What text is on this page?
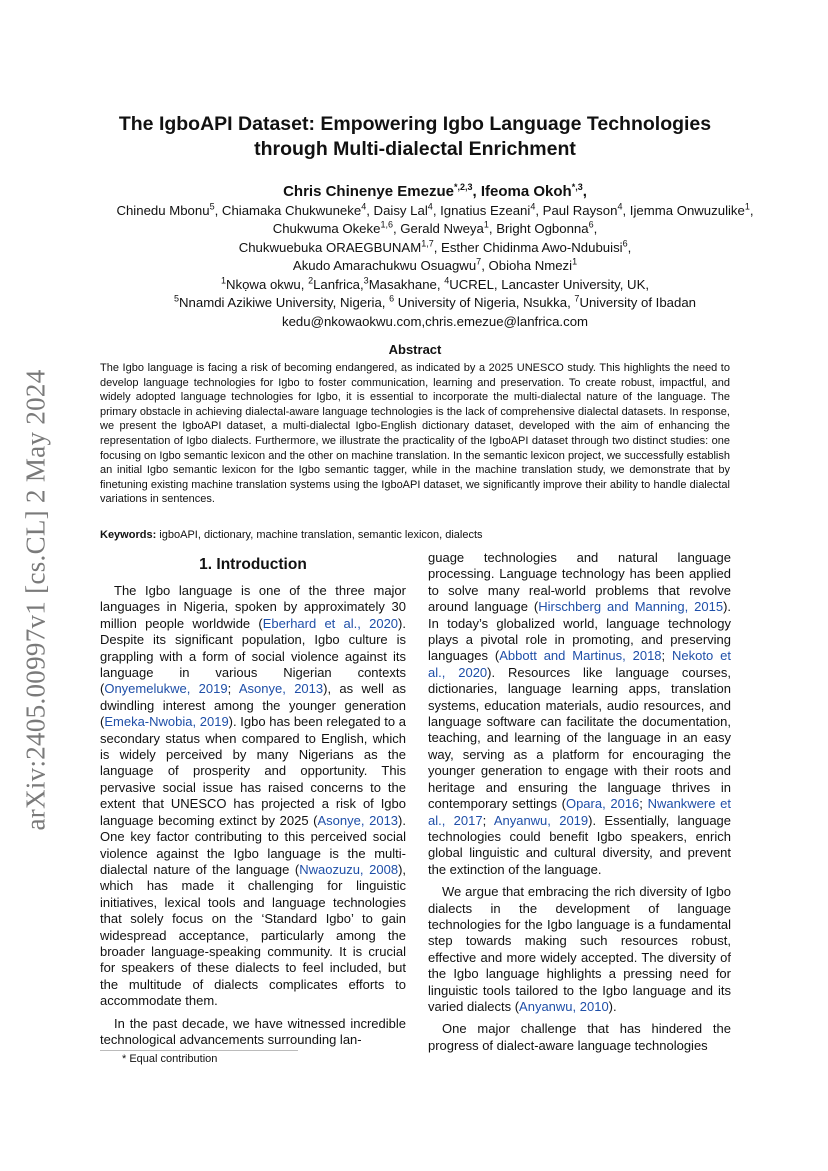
arXiv:2405.00997v1 [cs.CL] 2 May 2024
The IgboAPI Dataset: Empowering Igbo Language Technologies
through Multi-dialectal Enrichment
Chris Chinenye Emezue$^{*,2,3}$, Ifeoma Okoh$^{*,3}$,
Chinedu Mbonu$^5$, Chiamaka Chukwuneke$^4$, Daisy Lal$^4$, Ignatius Ezeani$^4$, Paul Rayson$^4$, Ijemma Onwuzulike$^1$,
Chukwuma Okeke$^{1,6}$, Gerald Nweya$^1$, Bright Ogbonna$^6$,
Chukwuebuka ORAEGBUNAM$^{1,7}$, Esther Chidinma Awo-Ndubuisi$^6$,
Akudo Amarachukwu Osuagwu$^7$, Obioha Nmezi$^1$
$^1$Nkọwa okwu, $^2$Lanfrica,$^3$Masakhane, $^4$UCREL, Lancaster University, UK,
$^5$Nnamdi Azikiwe University, Nigeria, $^6$ University of Nigeria, Nsukka, $^7$University of Ibadan
kedu@nkowaokwu.com,chris.emezue@lanfrica.com
Abstract
The Igbo language is facing a risk of becoming endangered, as indicated by a 2025 UNESCO study. This highlights the need to develop language technologies for Igbo to foster communication, learning and preservation. To create robust, impactful, and widely adopted language technologies for Igbo, it is essential to incorporate the multi-dialectal nature of the language. The primary obstacle in achieving dialectal-aware language technologies is the lack of comprehensive dialectal datasets. In response, we present the IgboAPI dataset, a multi-dialectal Igbo-English dictionary dataset, developed with the aim of enhancing the representation of Igbo dialects. Furthermore, we illustrate the practicality of the IgboAPI dataset through two distinct studies: one focusing on Igbo semantic lexicon and the other on machine translation. In the semantic lexicon project, we successfully establish an initial Igbo semantic lexicon for the Igbo semantic tagger, while in the machine translation study, we demonstrate that by finetuning existing machine translation systems using the IgboAPI dataset, we significantly improve their ability to handle dialectal variations in sentences.
Keywords: igboAPI, dictionary, machine translation, semantic lexicon, dialects
1. Introduction

The Igbo language is one of the three major languages in Nigeria, spoken by approximately 30 million people worldwide (Eberhard et al., 2020). Despite its significant population, Igbo culture is grappling with a form of social violence against its language in various Nigerian contexts (Onyemelukwe, 2019; Asonye, 2013), as well as dwindling interest among the younger generation (Emeka-Nwobia, 2019). Igbo has been relegated to a secondary status when compared to English, which is widely perceived by many Nigerians as the language of prosperity and opportunity. This pervasive social issue has raised concerns to the extent that UNESCO has projected a risk of Igbo language becoming extinct by 2025 (Asonye, 2013). One key factor contributing to this perceived social violence against the Igbo language is the multi-dialectal nature of the language (Nwaozuzu, 2008), which has made it challenging for linguistic initiatives, lexical tools and language technologies that solely focus on the ‘Standard Igbo’ to gain widespread acceptance, particularly among the broader language-speaking community. It is crucial for speakers of these dialects to feel included, but the multitude of dialects complicates efforts to accommodate them.

In the past decade, we have witnessed incredible technological advancements surrounding lan-

guage technologies and natural language processing. Language technology has been applied to solve many real-world problems that revolve around language (Hirschberg and Manning, 2015). In today’s globalized world, language technology plays a pivotal role in promoting, and preserving languages (Abbott and Martinus, 2018; Nekoto et al., 2020). Resources like language courses, dictionaries, language learning apps, translation systems, education materials, audio resources, and language software can facilitate the documentation, teaching, and learning of the language in an easy way, serving as a platform for encouraging the younger generation to engage with their roots and heritage and ensuring the language thrives in contemporary settings (Opara, 2016; Nwankwere et al., 2017; Anyanwu, 2019). Essentially, language technologies could benefit Igbo speakers, enrich global linguistic and cultural diversity, and prevent the extinction of the language.

We argue that embracing the rich diversity of Igbo dialects in the development of language technologies for the Igbo language is a fundamental step towards making such resources robust, effective and more widely accepted. The diversity of the Igbo language highlights a pressing need for linguistic tools tailored to the Igbo language and its varied dialects (Anyanwu, 2010).

One major challenge that has hindered the progress of dialect-aware language technologies

* Equal contribution
